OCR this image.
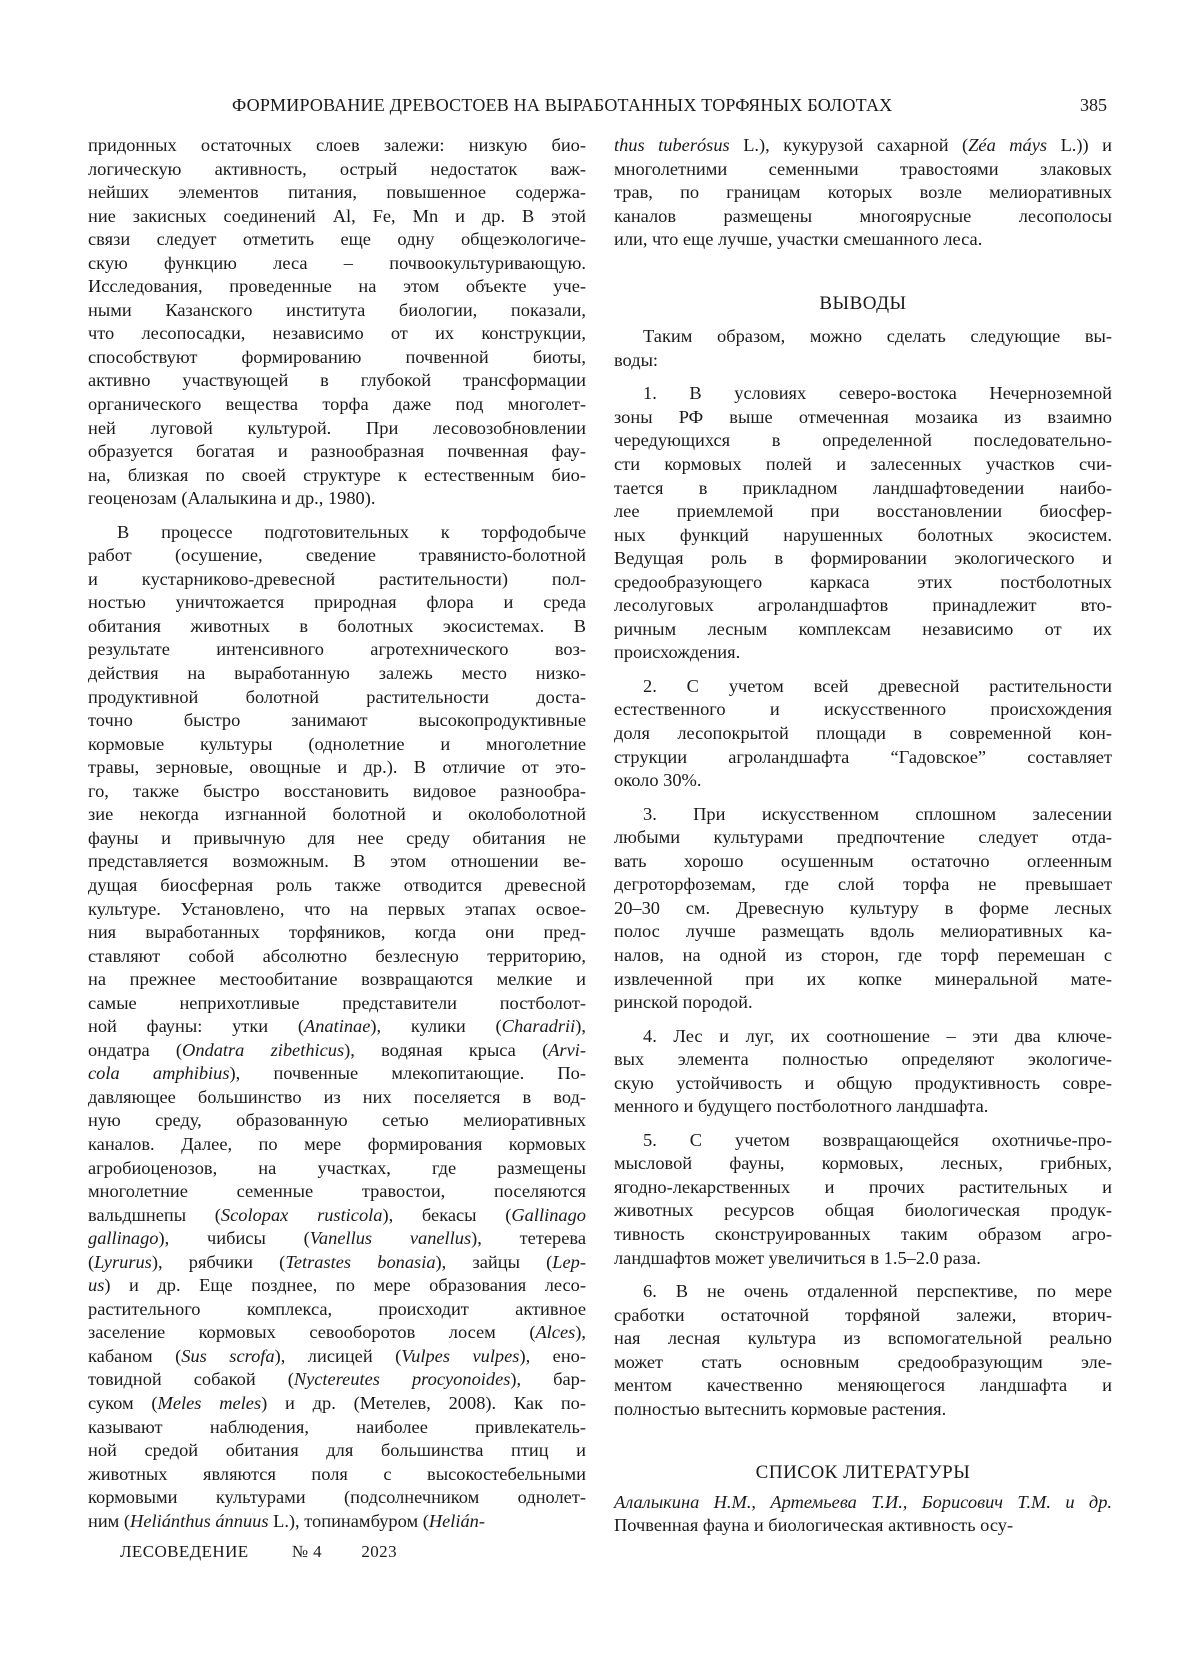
ФОРМИРОВАНИЕ ДРЕВОСТОЕВ НА ВЫРАБОТАННЫХ ТОРФЯНЫХ БОЛОТАХ	385
придонных остаточных слоев залежи: низкую био-
логическую активность, острый недостаток важ-
нейших элементов питания, повышенное содержа-
ние закисных соединений Al, Fe, Mn и др. В этой
связи следует отметить еще одну общеэкологиче-
скую функцию леса – почвоокультуривающую.
Исследования, проведенные на этом объекте уче-
ными Казанского института биологии, показали,
что лесопосадки, независимо от их конструкции,
способствуют формированию почвенной биоты,
активно участвующей в глубокой трансформации
органического вещества торфа даже под многолет-
ней луговой культурой. При лесовозобновлении
образуется богатая и разнообразная почвенная фау-
на, близкая по своей структуре к естественным био-
геоценозам (Алалыкина и др., 1980).
В процессе подготовительных к торфодобыче
работ (осушение, сведение травянисто-болотной
и кустарниково-древесной растительности) пол-
ностью уничтожается природная флора и среда
обитания животных в болотных экосистемах. В
результате интенсивного агротехнического воз-
действия на выработанную залежь место низко-
продуктивной болотной растительности доста-
точно быстро занимают высокопродуктивные
кормовые культуры (однолетние и многолетние
травы, зерновые, овощные и др.). В отличие от это-
го, также быстро восстановить видовое разнообра-
зие некогда изгнанной болотной и околоболотной
фауны и привычную для нее среду обитания не
представляется возможным. В этом отношении ве-
дущая биосферная роль также отводится древесной
культуре. Установлено, что на первых этапах освое-
ния выработанных торфяников, когда они пред-
ставляют собой абсолютно безлесную территорию,
на прежнее местообитание возвращаются мелкие и
самые неприхотливые представители постболот-
ной фауны: утки (Anatinae), кулики (Charadrii),
ондатра (Ondatra zibethicus), водяная крыса (Arvi-
cola amphibius), почвенные млекопитающие. По-
давляющее большинство из них поселяется в вод-
ную среду, образованную сетью мелиоративных
каналов. Далее, по мере формирования кормовых
агробиоценозов, на участках, где размещены
многолетние семенные травостои, поселяются
вальдшнепы (Scolopax rusticola), бекасы (Gallinago
gallinago), чибисы (Vanellus vanellus), тетерева
(Lyrurus), рябчики (Tetrastes bonasia), зайцы (Lep-
us) и др. Еще позднее, по мере образования лесо-
растительного комплекса, происходит активное
заселение кормовых севооборотов лосем (Alces),
кабаном (Sus scrofa), лисицей (Vulpes vulpes), ено-
товидной собакой (Nyctereutes procyonoides), бар-
суком (Meles meles) и др. (Метелев, 2008). Как по-
казывают наблюдения, наиболее привлекатель-
ной средой обитания для большинства птиц и
животных являются поля с высокостебельными
кормовыми культурами (подсолнечником однолет-
ним (Heliánthus ánnuus L.), топинамбуром (Helián-
thus tuberósus L.), кукурузой сахарной (Zéa máys L.)) и
многолетними семенными травостоями злаковых
трав, по границам которых возле мелиоративных
каналов размещены многоярусные лесополосы
или, что еще лучше, участки смешанного леса.
ВЫВОДЫ
Таким образом, можно сделать следующие вы-
воды:
1. В условиях северо-востока Нечерноземной
зоны РФ выше отмеченная мозаика из взаимно
чередующихся в определенной последовательно-
сти кормовых полей и залесенных участков счи-
тается в прикладном ландшафтоведении наибо-
лее приемлемой при восстановлении биосфер-
ных функций нарушенных болотных экосистем.
Ведущая роль в формировании экологического и
средообразующего каркаса этих постболотных
лесолуговых агроландшафтов принадлежит вто-
ричным лесным комплексам независимо от их
происхождения.
2. С учетом всей древесной растительности
естественного и искусственного происхождения
доля лесопокрытой площади в современной кон-
струкции агроландшафта “Гадовское” составляет
около 30%.
3. При искусственном сплошном залесении
любыми культурами предпочтение следует отда-
вать хорошо осушенным остаточно оглеенным
дегроторфоземам, где слой торфа не превышает
20–30 см. Древесную культуру в форме лесных
полос лучше размещать вдоль мелиоративных ка-
налов, на одной из сторон, где торф перемешан с
извлеченной при их копке минеральной мате-
ринской породой.
4. Лес и луг, их соотношение – эти два ключе-
вых элемента полностью определяют экологиче-
скую устойчивость и общую продуктивность совре-
менного и будущего постболотного ландшафта.
5. С учетом возвращающейся охотничье-про-
мысловой фауны, кормовых, лесных, грибных,
ягодно-лекарственных и прочих растительных и
животных ресурсов общая биологическая продук-
тивность сконструированных таким образом агро-
ландшафтов может увеличиться в 1.5–2.0 раза.
6. В не очень отдаленной перспективе, по мере
сработки остаточной торфяной залежи, вторич-
ная лесная культура из вспомогательной реально
может стать основным средообразующим эле-
ментом качественно меняющегося ландшафта и
полностью вытеснить кормовые растения.
СПИСОК ЛИТЕРАТУРЫ
Алалыкина Н.М., Артемьева Т.И., Борисович Т.М. и др.
Почвенная фауна и биологическая активность осу-
ЛЕСОВЕДЕНИЕ	№ 4 2023
